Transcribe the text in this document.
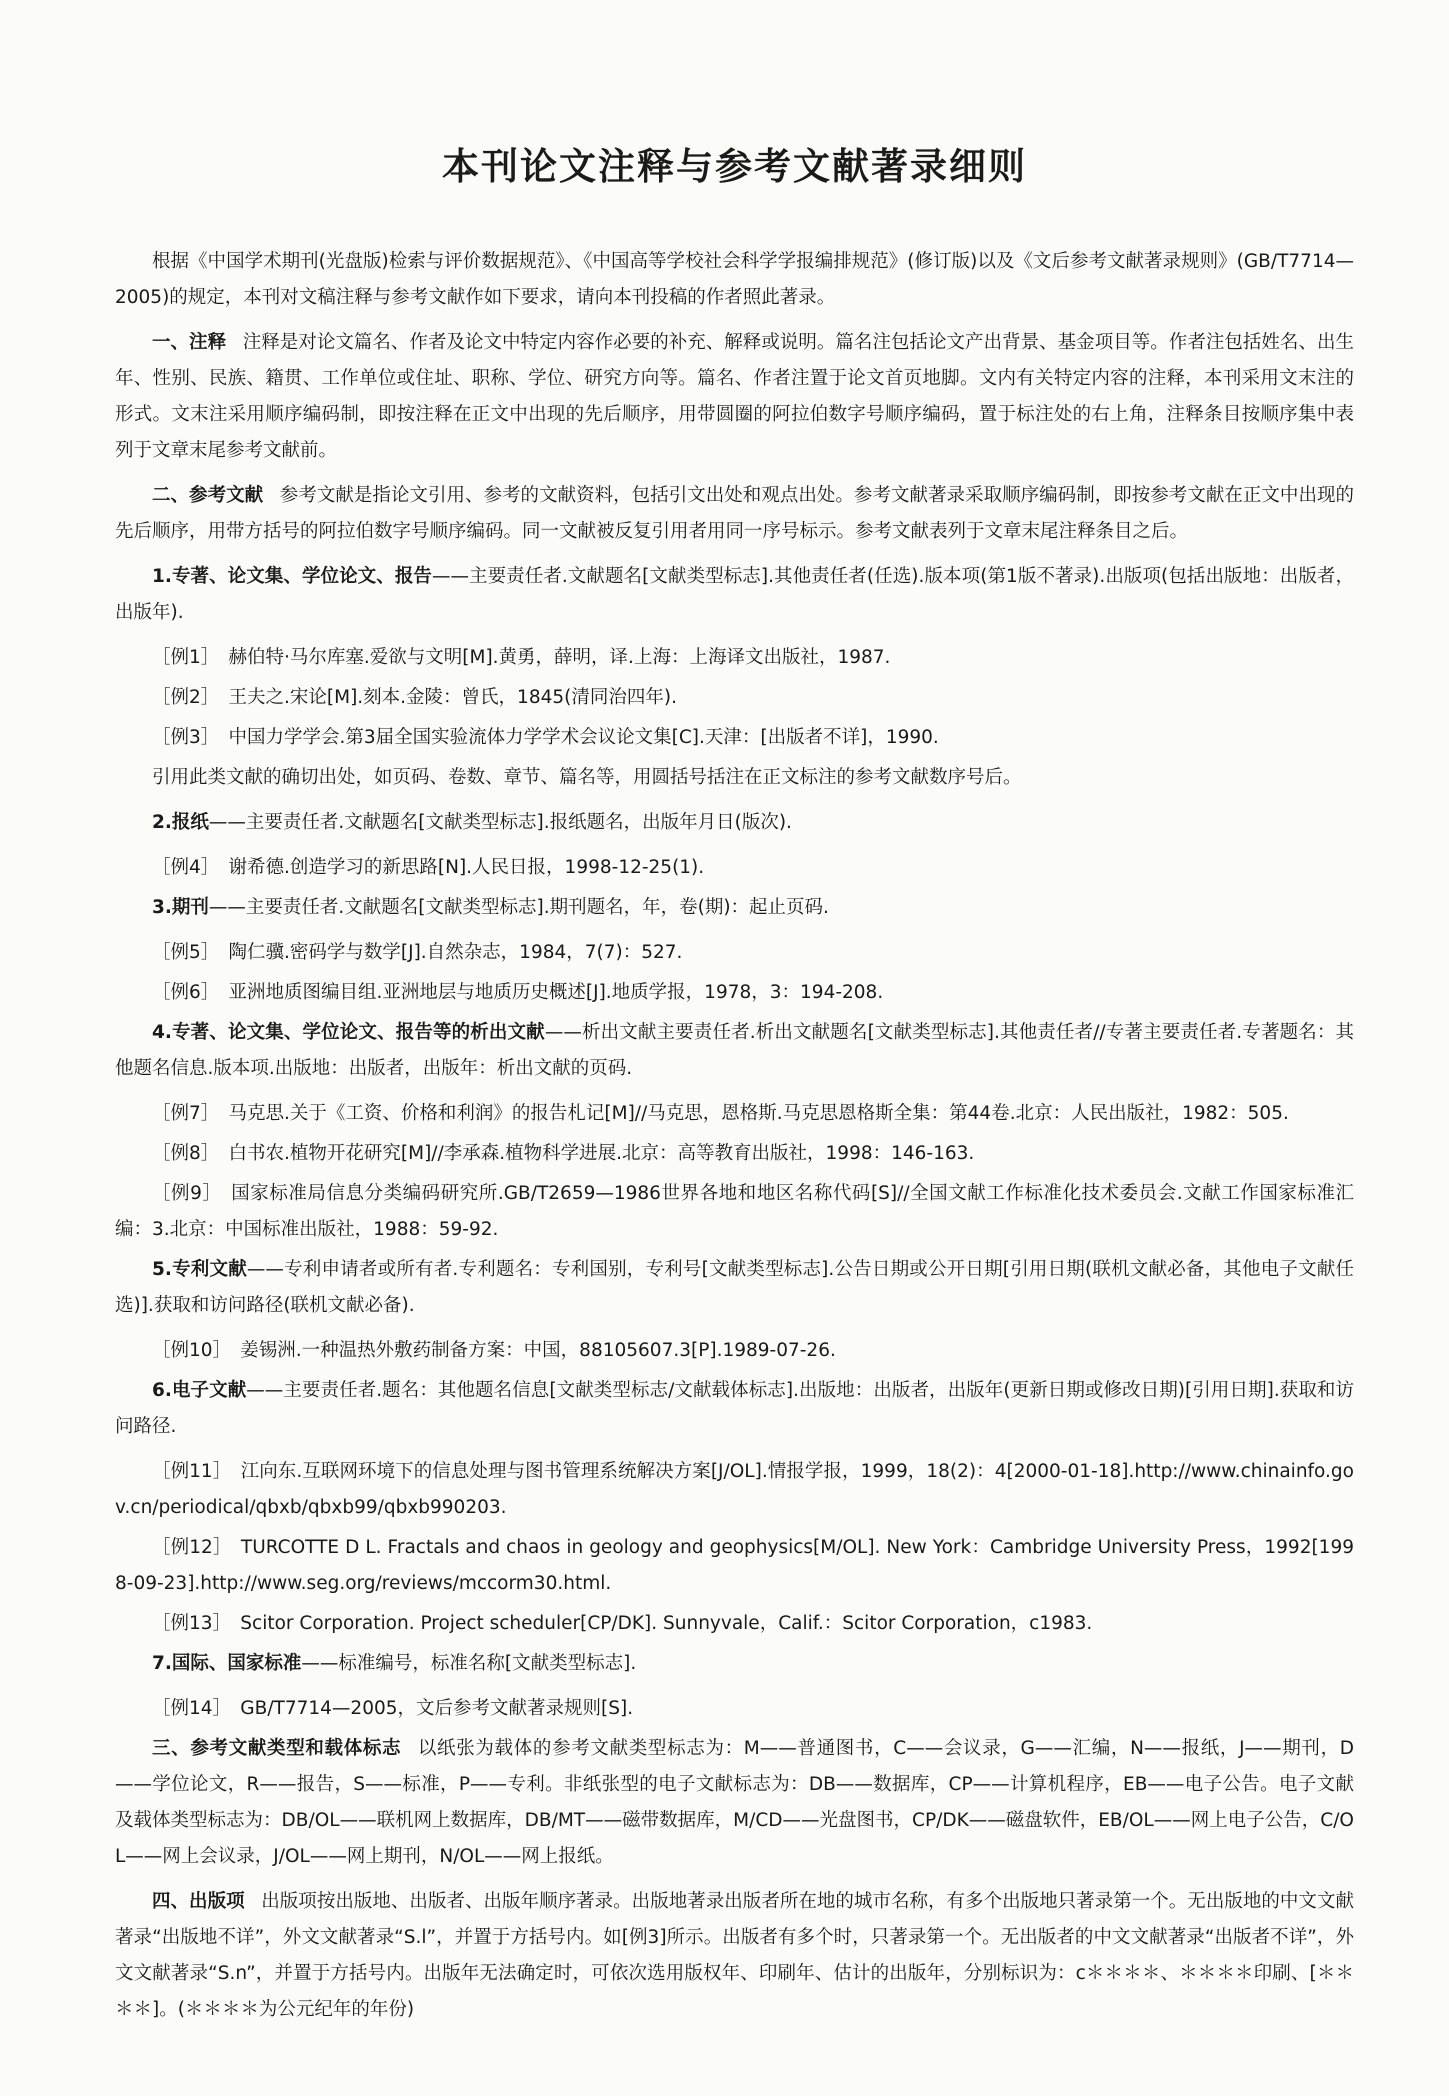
本刊论文注释与参考文献著录细则

根据《中国学术期刊(光盘版)检索与评价数据规范》、《中国高等学校社会科学学报编排规范》(修订版)以及《文后参考文献著录规则》(GB/T7714—2005)的规定，本刊对文稿注释与参考文献作如下要求，请向本刊投稿的作者照此著录。

一、注释 注释是对论文篇名、作者及论文中特定内容作必要的补充、解释或说明。篇名注包括论文产出背景、基金项目等。作者注包括姓名、出生年、性别、民族、籍贯、工作单位或住址、职称、学位、研究方向等。篇名、作者注置于论文首页地脚。文内有关特定内容的注释，本刊采用文末注的形式。文末注采用顺序编码制，即按注释在正文中出现的先后顺序，用带圆圈的阿拉伯数字号顺序编码，置于标注处的右上角，注释条目按顺序集中表列于文章末尾参考文献前。

二、参考文献 参考文献是指论文引用、参考的文献资料，包括引文出处和观点出处。参考文献著录采取顺序编码制，即按参考文献在正文中出现的先后顺序，用带方括号的阿拉伯数字号顺序编码。同一文献被反复引用者用同一序号标示。参考文献表列于文章末尾注释条目之后。

1.专著、论文集、学位论文、报告——主要责任者.文献题名[文献类型标志].其他责任者(任选).版本项(第1版不著录).出版项(包括出版地：出版者，出版年).

［例1］　赫伯特·马尔库塞.爱欲与文明[M].黄勇，薛明，译.上海：上海译文出版社，1987.

［例2］　王夫之.宋论[M].刻本.金陵：曾氏，1845(清同治四年).

［例3］　中国力学学会.第3届全国实验流体力学学术会议论文集[C].天津：[出版者不详]，1990.

引用此类文献的确切出处，如页码、卷数、章节、篇名等，用圆括号括注在正文标注的参考文献数序号后。

2.报纸——主要责任者.文献题名[文献类型标志].报纸题名，出版年月日(版次).

［例4］　谢希德.创造学习的新思路[N].人民日报，1998-12-25(1).

3.期刊——主要责任者.文献题名[文献类型标志].期刊题名，年，卷(期)：起止页码.

［例5］　陶仁骥.密码学与数学[J].自然杂志，1984，7(7)：527.

［例6］　亚洲地质图编目组.亚洲地层与地质历史概述[J].地质学报，1978，3：194-208.

4.专著、论文集、学位论文、报告等的析出文献——析出文献主要责任者.析出文献题名[文献类型标志].其他责任者//专著主要责任者.专著题名：其他题名信息.版本项.出版地：出版者，出版年：析出文献的页码.

［例7］　马克思.关于《工资、价格和利润》的报告札记[M]//马克思，恩格斯.马克思恩格斯全集：第44卷.北京：人民出版社，1982：505.

［例8］　白书农.植物开花研究[M]//李承森.植物科学进展.北京：高等教育出版社，1998：146-163.

［例9］　国家标准局信息分类编码研究所.GB/T2659—1986世界各地和地区名称代码[S]//全国文献工作标准化技术委员会.文献工作国家标准汇编：3.北京：中国标准出版社，1988：59-92.

5.专利文献——专利申请者或所有者.专利题名：专利国别，专利号[文献类型标志].公告日期或公开日期[引用日期(联机文献必备，其他电子文献任选)].获取和访问路径(联机文献必备).

［例10］　姜锡洲.一种温热外敷药制备方案：中国，88105607.3[P].1989-07-26.

6.电子文献——主要责任者.题名：其他题名信息[文献类型标志/文献载体标志].出版地：出版者，出版年(更新日期或修改日期)[引用日期].获取和访问路径.

［例11］　江向东.互联网环境下的信息处理与图书管理系统解决方案[J/OL].情报学报，1999，18(2)：4[2000-01-18].http://www.chinainfo.gov.cn/periodical/qbxb/qbxb99/qbxb990203.

［例12］　TURCOTTE D L. Fractals and chaos in geology and geophysics[M/OL]. New York：Cambridge University Press，1992[1998-09-23].http://www.seg.org/reviews/mccorm30.html.

［例13］　Scitor Corporation. Project scheduler[CP/DK]. Sunnyvale，Calif.：Scitor Corporation，c1983.

7.国际、国家标准——标准编号，标准名称[文献类型标志].

［例14］　GB/T7714—2005，文后参考文献著录规则[S].

三、参考文献类型和载体标志 以纸张为载体的参考文献类型标志为：M——普通图书，C——会议录，G——汇编，N——报纸，J——期刊，D——学位论文，R——报告，S——标准，P——专利。非纸张型的电子文献标志为：DB——数据库，CP——计算机程序，EB——电子公告。电子文献及载体类型标志为：DB/OL——联机网上数据库，DB/MT——磁带数据库，M/CD——光盘图书，CP/DK——磁盘软件，EB/OL——网上电子公告，C/OL——网上会议录，J/OL——网上期刊，N/OL——网上报纸。

四、出版项 出版项按出版地、出版者、出版年顺序著录。出版地著录出版者所在地的城市名称，有多个出版地只著录第一个。无出版地的中文文献著录“出版地不详”，外文文献著录“S.l”，并置于方括号内。如[例3]所示。出版者有多个时，只著录第一个。无出版者的中文文献著录“出版者不详”，外文文献著录“S.n”，并置于方括号内。出版年无法确定时，可依次选用版权年、印刷年、估计的出版年，分别标识为：c＊＊＊＊、＊＊＊＊印刷、[＊＊＊＊]。(＊＊＊＊为公元纪年的年份)
